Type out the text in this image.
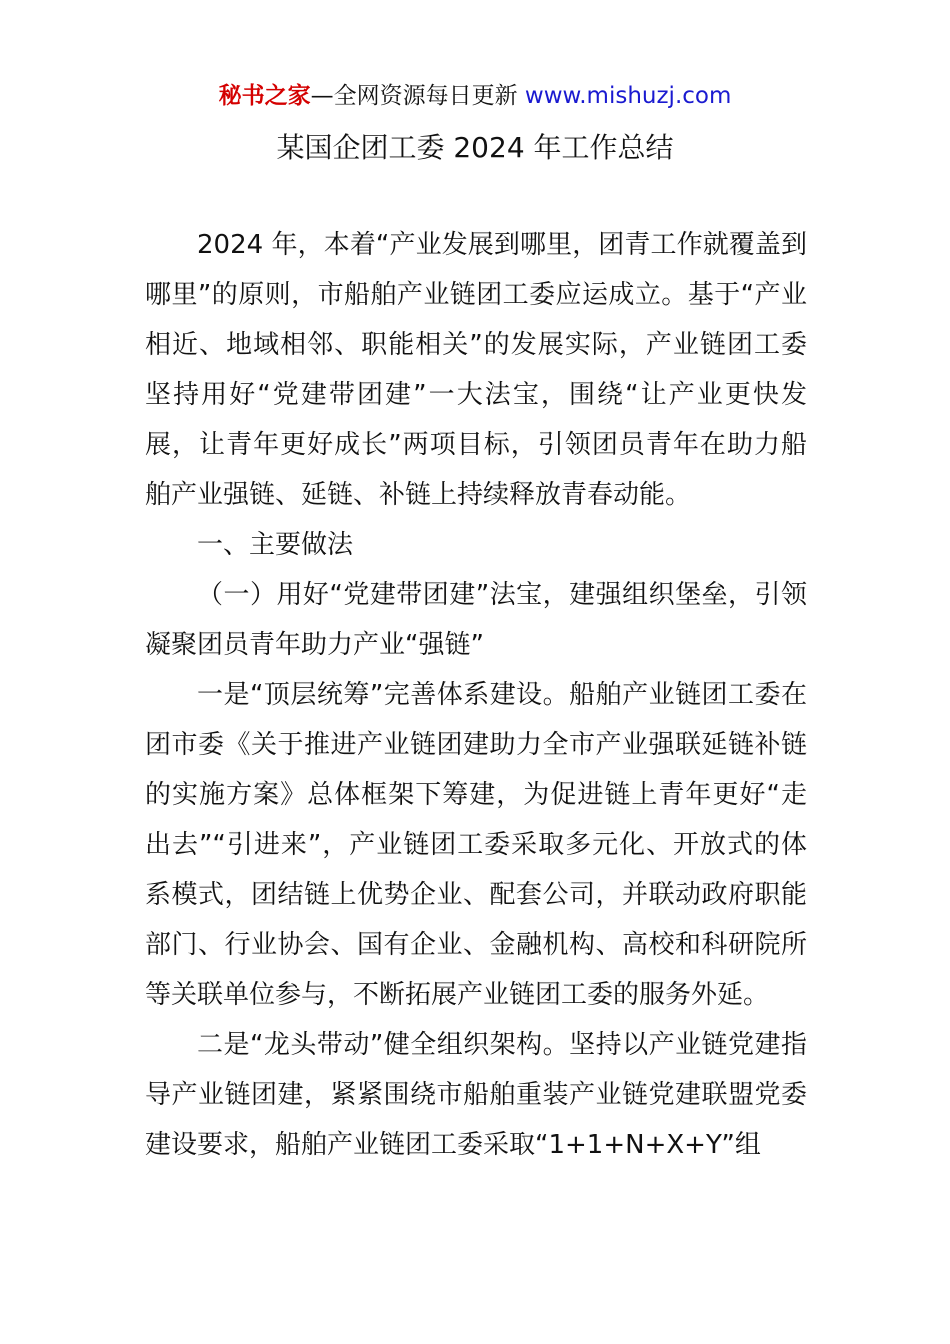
秘书之家—全网资源每日更新 www.mishuzj.com
某国企团工委 2024 年工作总结

2024 年，本着“产业发展到哪里，团青工作就覆盖到哪里”的原则，市船舶产业链团工委应运成立。基于“产业相近、地域相邻、职能相关”的发展实际，产业链团工委坚持用好“党建带团建”一大法宝，围绕“让产业更快发展，让青年更好成长”两项目标，引领团员青年在助力船舶产业强链、延链、补链上持续释放青春动能。

一、主要做法

（一）用好“党建带团建”法宝，建强组织堡垒，引领凝聚团员青年助力产业“强链”

一是“顶层统筹”完善体系建设。船舶产业链团工委在团市委《关于推进产业链团建助力全市产业强联延链补链的实施方案》总体框架下筹建，为促进链上青年更好“走出去”“引进来”，产业链团工委采取多元化、开放式的体系模式，团结链上优势企业、配套公司，并联动政府职能部门、行业协会、国有企业、金融机构、高校和科研院所等关联单位参与，不断拓展产业链团工委的服务外延。

二是“龙头带动”健全组织架构。坚持以产业链党建指导产业链团建，紧紧围绕市船舶重装产业链党建联盟党委建设要求，船舶产业链团工委采取“1+1+N+X+Y”组
